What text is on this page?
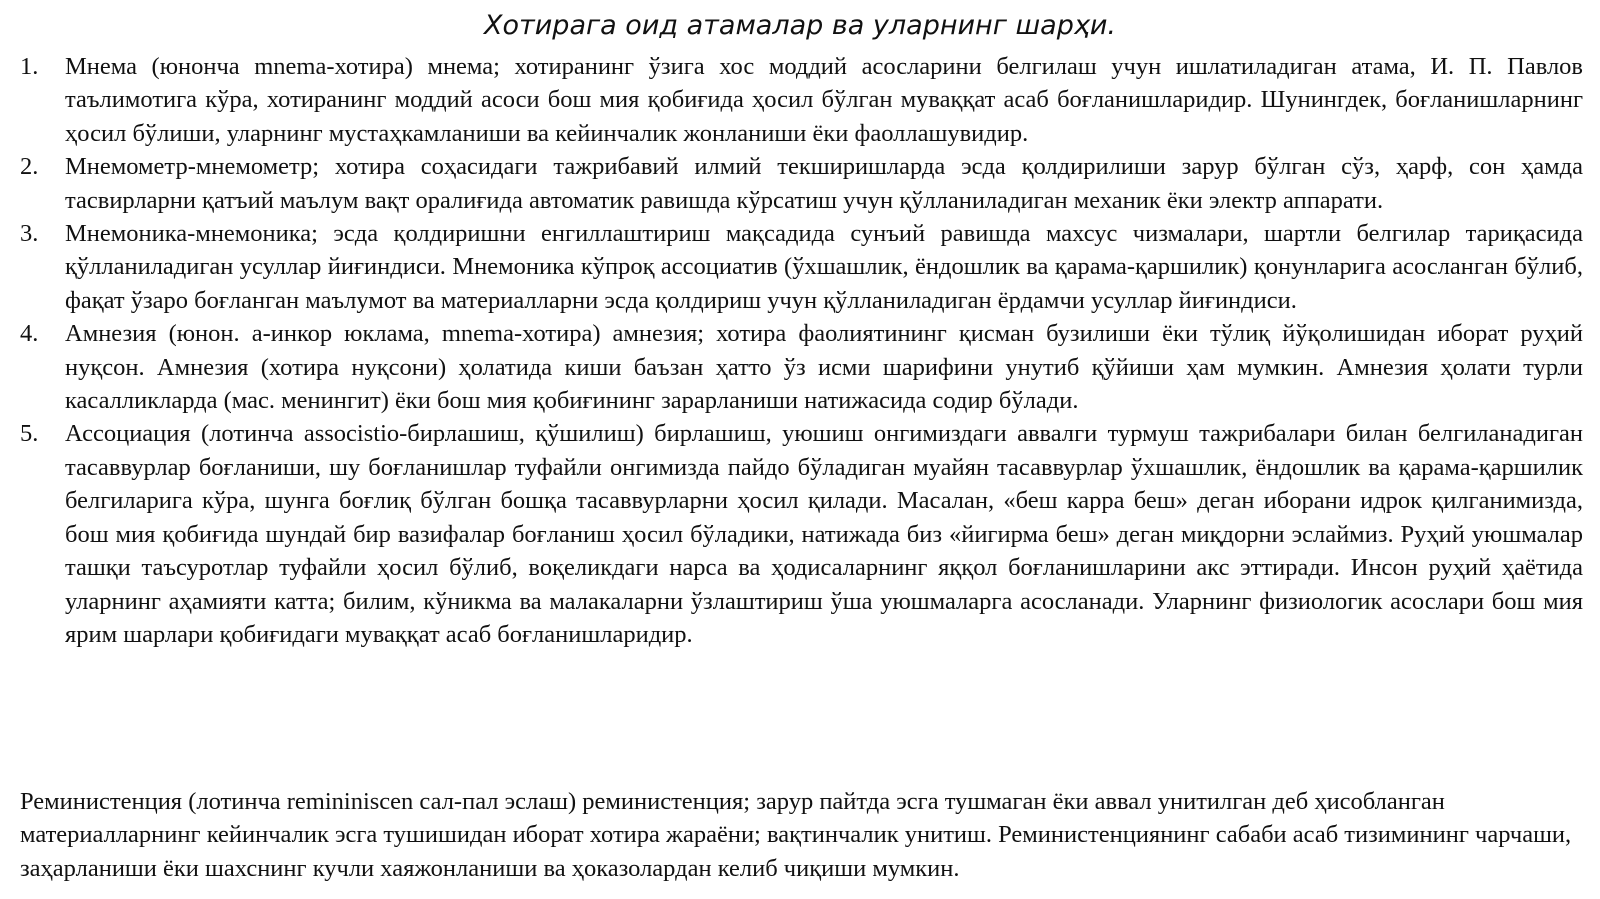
Хотирага оид атамалар ва уларнинг шарҳи.
1. Мнема (юнонча mnema-хотира) мнема; хотиранинг ўзига хос моддий асосларини белгилаш учун ишлатиладиган атама, И. П. Павлов таълимотига кўра, хотиранинг моддий асоси бош мия қобиғида ҳосил бўлган муваққат асаб боғланишларидир. Шунингдек, боғланишларнинг ҳосил бўлиши, уларнинг мустаҳкамланиши ва кейинчалик жонланиши ёки фаоллашувидир.
2. Мнемометр-мнемометр; хотира соҳасидаги тажрибавий илмий текширишларда эсда қолдирилиши зарур бўлган сўз, ҳарф, сон ҳамда тасвирларни қатъий маълум вақт оралиғида автоматик равишда кўрсатиш учун қўлланиладиган механик ёки электр аппарати.
3. Мнемоника-мнемоника; эсда қолдиришни енгиллаштириш мақсадида сунъий равишда махсус чизмалари, шартли белгилар тариқасида қўлланиладиган усуллар йиғиндиси. Мнемоника кўпроқ ассоциатив (ўхшашлик, ёндошлик ва қарама-қаршилик) қонунларига асосланган бўлиб, фақат ўзаро боғланган маълумот ва материалларни эсда қолдириш учун қўлланиладиган ёрдамчи усуллар йиғиндиси.
4. Амнезия (юнон. а-инкор юклама, mnema-хотира) амнезия; хотира фаолиятининг қисман бузилиши ёки тўлиқ йўқолишидан иборат руҳий нуқсон. Амнезия (хотира нуқсони) ҳолатида киши баъзан ҳатто ўз исми шарифини унутиб қўйиши ҳам мумкин. Амнезия ҳолати турли касалликларда (мас. менингит) ёки бош мия қобиғининг зарарланиши натижасида содир бўлади.
5. Ассоциация (лотинча associstio-бирлашиш, қўшилиш) бирлашиш, уюшиш онгимиздаги аввалги турмуш тажрибалари билан белгиланадиган тасаввурлар боғланиши, шу боғланишлар туфайли онгимизда пайдо бўладиган муайян тасаввурлар ўхшашлик, ёндошлик ва қарама-қаршилик белгиларига кўра, шунга боғлиқ бўлган бошқа тасаввурларни ҳосил қилади. Масалан, «беш карра беш» деган иборани идрок қилганимизда, бош мия қобиғида шундай бир вазифалар боғланиш ҳосил бўладики, натижада биз «йигирма беш» деган миқдорни эслаймиз. Руҳий уюшмалар ташқи таъсуротлар туфайли ҳосил бўлиб, воқеликдаги нарса ва ҳодисаларнинг яққол боғланишларини акс эттиради. Инсон руҳий ҳаётида уларнинг аҳамияти катта; билим, кўникма ва малакаларни ўзлаштириш ўша уюшмаларга асосланади. Уларнинг физиологик асослари бош мия ярим шарлари қобиғидаги муваққат асаб боғланишларидир.

Реминистенция (лотинча remininiscen сал-пал эслаш) реминистенция; зарур пайтда эсга тушмаган ёки аввал унитилган деб ҳисобланган материалларнинг кейинчалик эсга тушишидан иборат хотира жараёни; вақтинчалик унитиш. Реминистенциянинг сабаби асаб тизимининг чарчаши, заҳарланиши ёки шахснинг кучли хаяжонланиши ва ҳоказолардан келиб чиқиши мумкин.
